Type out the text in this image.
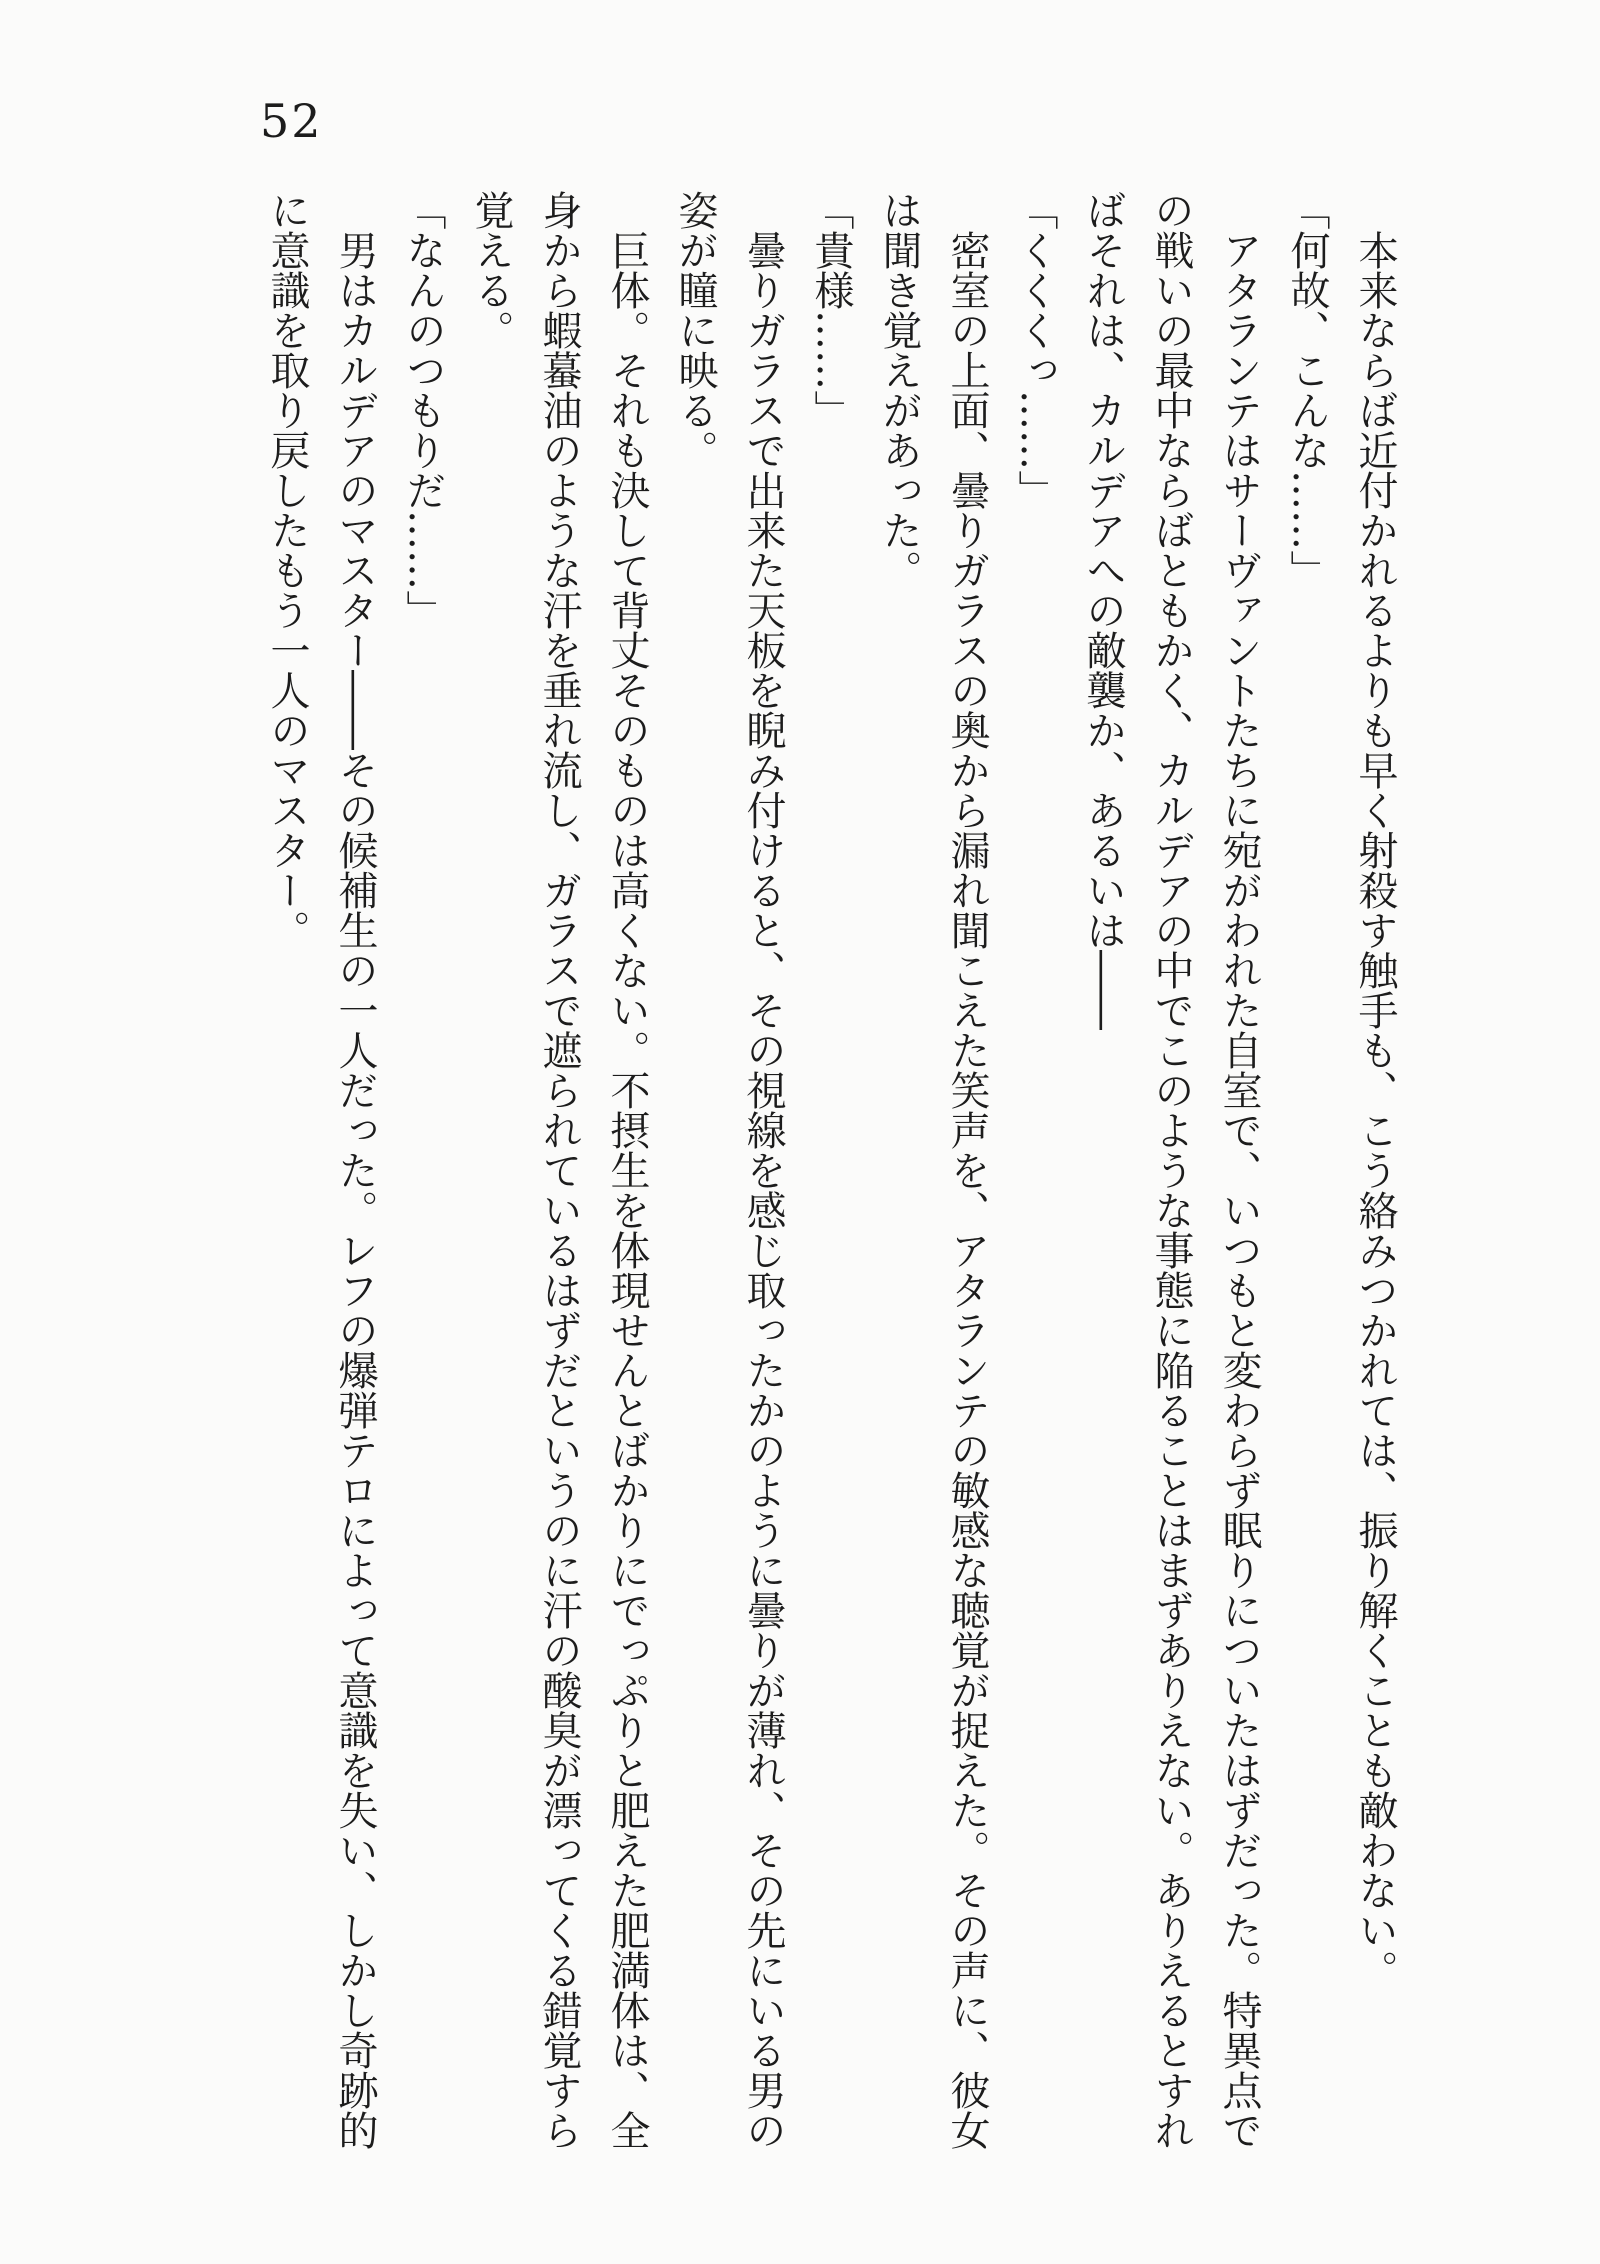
52

本来ならば近付かれるよりも早く射殺す触手も、こう絡みつかれては、振り解くことも敵わない。

「何故、こんな……」

アタランテはサーヴァントたちに宛がわれた自室で、いつもと変わらず眠りについたはずだった。特異点で

の戦いの最中ならばともかく、カルデアの中でこのような事態に陥ることはまずありえない。ありえるとすれ

ばそれは、カルデアへの敵襲か、あるいは――

「くくくっ……」

密室の上面、曇りガラスの奥から漏れ聞こえた笑声を、アタランテの敏感な聴覚が捉えた。その声に、彼女

は聞き覚えがあった。

「貴様……」

曇りガラスで出来た天板を睨み付けると、その視線を感じ取ったかのように曇りが薄れ、その先にいる男の

姿が瞳に映る。

巨体。それも決して背丈そのものは高くない。不摂生を体現せんとばかりにでっぷりと肥えた肥満体は、全

身から蝦蟇油のような汗を垂れ流し、ガラスで遮られているはずだというのに汗の酸臭が漂ってくる錯覚すら

覚える。

「なんのつもりだ……」

男はカルデアのマスター――その候補生の一人だった。レフの爆弾テロによって意識を失い、しかし奇跡的

に意識を取り戻したもう一人のマスター。
